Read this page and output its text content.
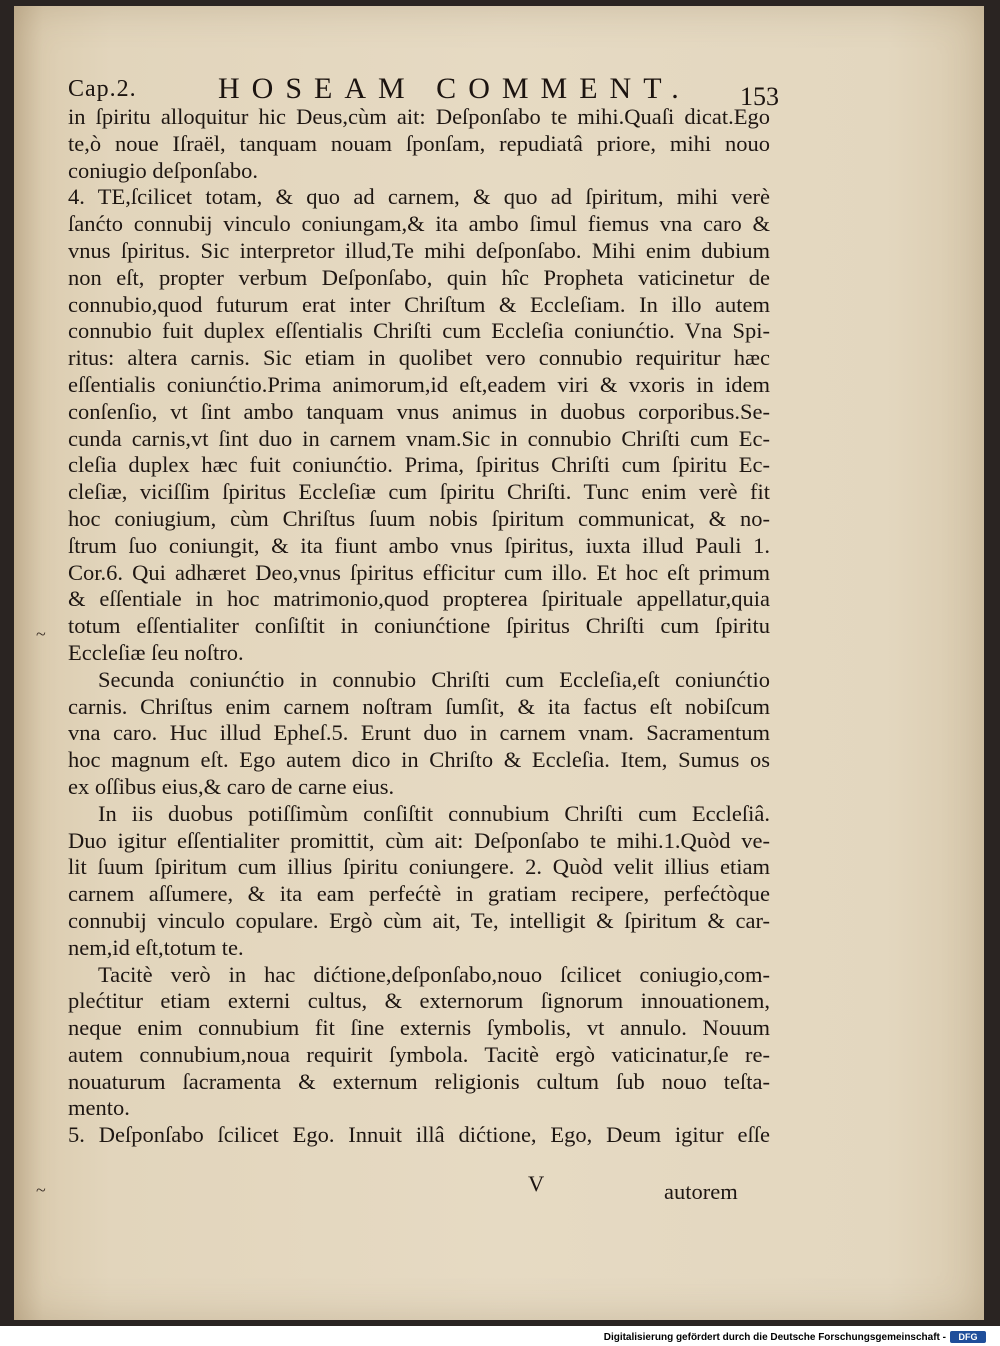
Cap.2.	HOSEAM COMMENT. 153
in ſpiritu alloquitur hic Deus,cùm ait: Deſponſabo te mihi.Quaſi dicat.Ego
te,ò noue Iſraël, tanquam nouam ſponſam, repudiatâ priore, mihi nouo
coniugio deſponſabo.
4. TE,ſcilicet totam, & quo ad carnem, & quo ad ſpiritum, mihi verè
ſanćto connubij vinculo coniungam,& ita ambo ſimul fiemus vna caro &
vnus ſpiritus. Sic interpretor illud,Te mihi deſponſabo. Mihi enim dubium
non eſt, propter verbum Deſponſabo, quin hîc Propheta vaticinetur de
connubio,quod futurum erat inter Chriſtum & Eccleſiam. In illo autem
connubio fuit duplex eſſentialis Chriſti cum Eccleſia coniunćtio. Vna Spi-
ritus: altera carnis. Sic etiam in quolibet vero connubio requiritur hæc
eſſentialis coniunćtio.Prima animorum,id eſt,eadem viri & vxoris in idem
conſenſio, vt ſint ambo tanquam vnus animus in duobus corporibus.Se-
cunda carnis,vt ſint duo in carnem vnam.Sic in connubio Chriſti cum Ec-
cleſia duplex hæc fuit coniunćtio. Prima, ſpiritus Chriſti cum ſpiritu Ec-
cleſiæ, viciſſim ſpiritus Eccleſiæ cum ſpiritu Chriſti. Tunc enim verè fit
hoc coniugium, cùm Chriſtus ſuum nobis ſpiritum communicat, & no-
ſtrum ſuo coniungit, & ita fiunt ambo vnus ſpiritus, iuxta illud Pauli 1.
Cor.6. Qui adhæret Deo,vnus ſpiritus efficitur cum illo. Et hoc eſt primum
& eſſentiale in hoc matrimonio,quod propterea ſpirituale appellatur,quia
totum eſſentialiter conſiſtit in coniunćtione ſpiritus Chriſti cum ſpiritu
Eccleſiæ ſeu noſtro.
Secunda coniunćtio in connubio Chriſti cum Eccleſia,eſt coniunćtio
carnis. Chriſtus enim carnem noſtram ſumſit, & ita factus eſt nobiſcum
vna caro. Huc illud Epheſ.5. Erunt duo in carnem vnam. Sacramentum
hoc magnum eſt. Ego autem dico in Chriſto & Eccleſia. Item, Sumus os
ex oſſibus eius,& caro de carne eius.
In iis duobus potiſſimùm conſiſtit connubium Chriſti cum Eccleſiâ.
Duo igitur eſſentialiter promittit, cùm ait: Deſponſabo te mihi.1.Quòd ve-
lit ſuum ſpiritum cum illius ſpiritu coniungere. 2. Quòd velit illius etiam
carnem aſſumere, & ita eam perfećtè in gratiam recipere, perfećtòque
connubij vinculo copulare. Ergò cùm ait, Te, intelligit & ſpiritum & car-
nem,id eſt,totum te.
Tacitè verò in hac dićtione,deſponſabo,nouo ſcilicet coniugio,com-
plećtitur etiam externi cultus, & externorum ſignorum innouationem,
neque enim connubium fit ſine externis ſymbolis, vt annulo. Nouum
autem connubium,noua requirit ſymbola. Tacitè ergò vaticinatur,ſe re-
nouaturum ſacramenta & externum religionis cultum ſub nouo teſta-
mento.
5. Deſponſabo ſcilicet Ego. Innuit illâ dićtione, Ego, Deum igitur eſſe
V	autorem
~
~
Digitalisierung gefördert durch die Deutsche Forschungsgemeinschaft -	DFG
